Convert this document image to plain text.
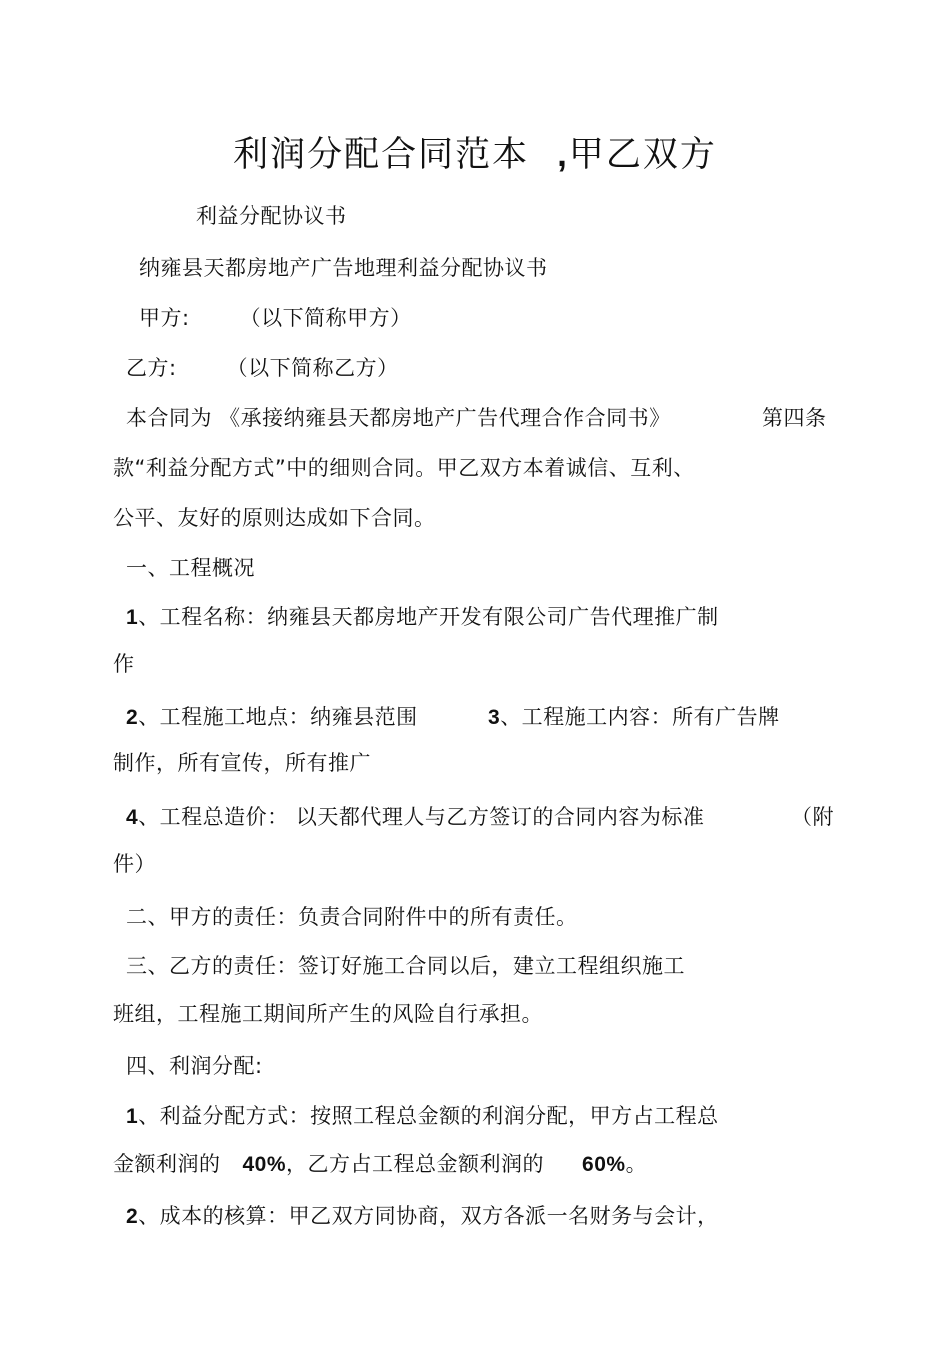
利润分配合同范本 ,甲乙双方
利益分配协议书
纳雍县天都房地产广告地理利益分配协议书
甲方: （以下简称甲方）
乙方: （以下简称乙方）
本合同为 《承接纳雍县天都房地产广告代理合作合同书》	第四条
款“利益分配方式”中的细则合同。甲乙双方本着诚信、互利、
公平、友好的原则达成如下合同。
一、工程概况
1、工程名称：纳雍县天都房地产开发有限公司广告代理推广制
作
2、工程施工地点：纳雍县范围	3、工程施工内容：所有广告牌
制作，所有宣传，所有推广
4、工程总造价： 以天都代理人与乙方签订的合同内容为标准	（附
件）
二、甲方的责任：负责合同附件中的所有责任。
三、乙方的责任：签订好施工合同以后，建立工程组织施工
班组，工程施工期间所产生的风险自行承担。
四、利润分配:
1、利益分配方式：按照工程总金额的利润分配，甲方占工程总
金额利润的 40%，乙方占工程总金额利润的 60%。
2、成本的核算：甲乙双方同协商，双方各派一名财务与会计，
